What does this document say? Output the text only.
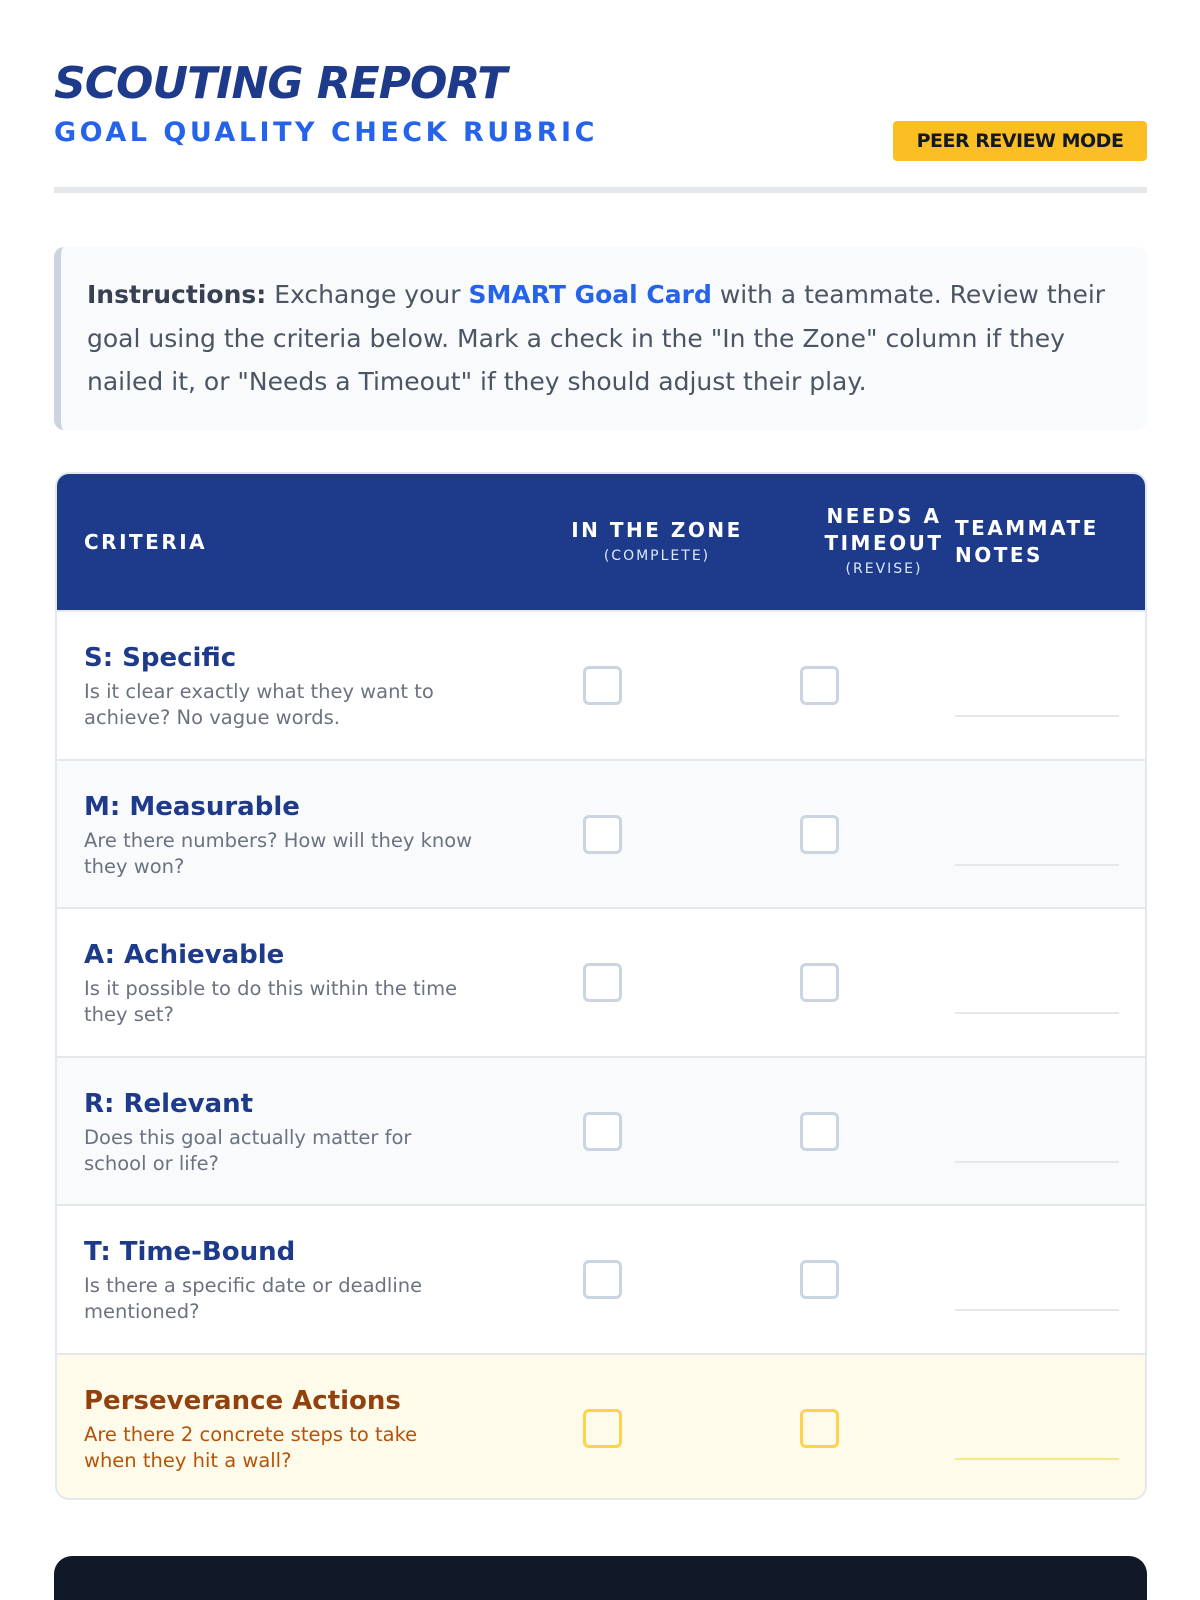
SCOUTING REPORT
GOAL QUALITY CHECK RUBRIC	PEER REVIEW MODE
Instructions: Exchange your SMART Goal Card with a teammate. Review their goal using the criteria below. Mark a check in the "In the Zone" column if they nailed it, or "Needs a Timeout" if they should adjust their play.
CRITERIA	IN THE ZONE
(COMPLETE)
NEEDS A
TIMEOUT
(REVISE)
TEAMMATE
NOTES
S: Specific
Is it clear exactly what they want to achieve? No vague words.
M: Measurable
Are there numbers? How will they know they won?
A: Achievable
Is it possible to do this within the time they set?
R: Relevant
Does this goal actually matter for school or life?
T: Time-Bound
Is there a specific date or deadline mentioned?
Perseverance Actions
Are there 2 concrete steps to take when they hit a wall?
